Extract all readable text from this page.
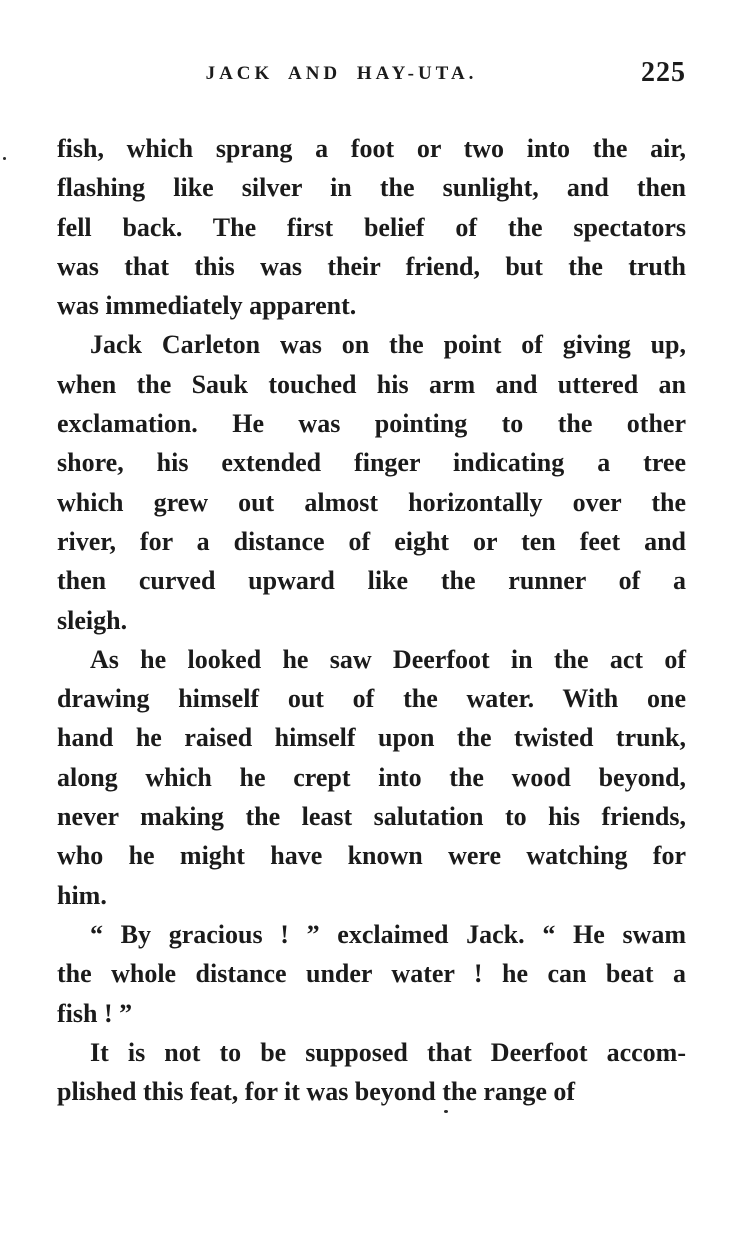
JACK AND HAY-UTA.	225
fish, which sprang a foot or two into the air,
flashing like silver in the sunlight, and then
fell back. The first belief of the spectators
was that this was their friend, but the truth
was immediately apparent.
Jack Carleton was on the point of giving up,
when the Sauk touched his arm and uttered an
exclamation. He was pointing to the other
shore, his extended finger indicating a tree
which grew out almost horizontally over the
river, for a distance of eight or ten feet and
then curved upward like the runner of a
sleigh.
As he looked he saw Deerfoot in the act of
drawing himself out of the water. With one
hand he raised himself upon the twisted trunk,
along which he crept into the wood beyond,
never making the least salutation to his friends,
who he might have known were watching for
him.
“ By gracious ! ” exclaimed Jack. “ He swam
the whole distance under water ! he can beat a
fish ! ”
It is not to be supposed that Deerfoot accom-
plished this feat, for it was beyond the range of
